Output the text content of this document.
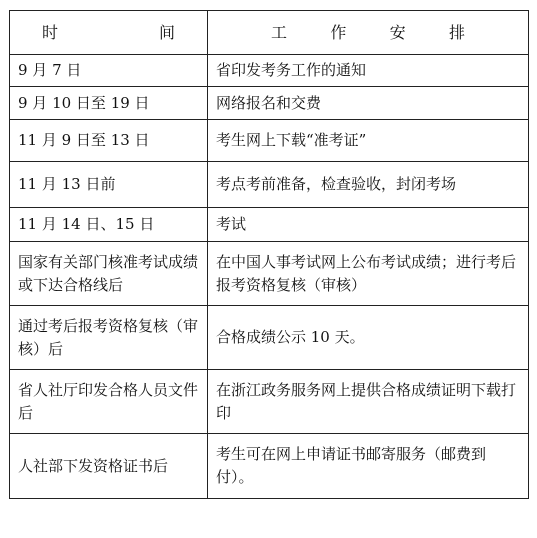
时 间	工 作 安 排

9 月 7 日	省印发考务工作的通知
9 月 10 日至 19 日	网络报名和交费
11 月 9 日至 13 日	考生网上下载“准考证”
11 月 13 日前	考点考前准备，检查验收，封闭考场
11 月 14 日、15 日	考试
国家有关部门核准考试成绩或下达合格线后	在中国人事考试网上公布考试成绩；进行考后报考资格复核（审核）
通过考后报考资格复核（审核）后	合格成绩公示 10 天。
省人社厅印发合格人员文件后	在浙江政务服务网上提供合格成绩证明下载打印
人社部下发资格证书后	考生可在网上申请证书邮寄服务（邮费到付）。
